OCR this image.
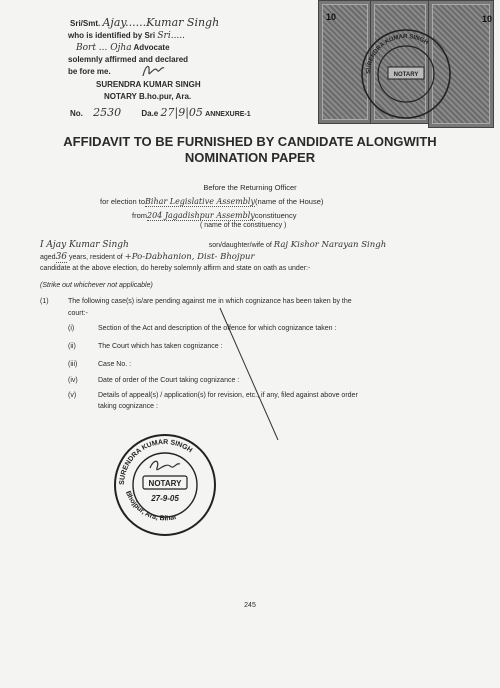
Sri/Smt. Ajay......Kumar Singh
who is identified by Sri Sri.....
Bort ... Ojha Advocate
solemnly affirmed and declared
be fore me.
SURENDRA KUMAR SINGH
NOTARY B.ho.pur, Ara.
No. 2530	Da.e 27|9|05 ANNEXURE-1
10	10
SURENDRA KUMAR SINGH
NOTARY
AFFIDAVIT TO BE FURNISHED BY CANDIDATE ALONGWITH
NOMINATION PAPER
Before the Returning Officer
for election toBihar Legislative Assembly(name of the House)
from204 Jagadishpur Assemblyconstituency
( name of the constituency )
I Ajay Kumar Singh	son/daughter/wife of Raj Kishor Narayan Singh
aged36 years, resident of +Po-Dabhanion, Dist- Bhojpur
candidate at the above election, do hereby solemnly affirm and state on oath as under:-
(Strike out whichever not applicable)
(1)	The following case(s) is/are pending against me in which cognizance has been taken by the
court:-
(i)	Section of the Act and description of the offence for which cognizance taken :
(ii)	The Court which has taken cognizance :
(iii)	Case No. :
(iv)	Date of order of the Court taking cognizance :
(v)	Details of appeal(s) / application(s) for revision, etc., if any, filed against above order
taking cognizance :
SURENDRA KUMAR SINGH
Bhojpur, Ara, Bihar
NOTARY
27-9-05
245
